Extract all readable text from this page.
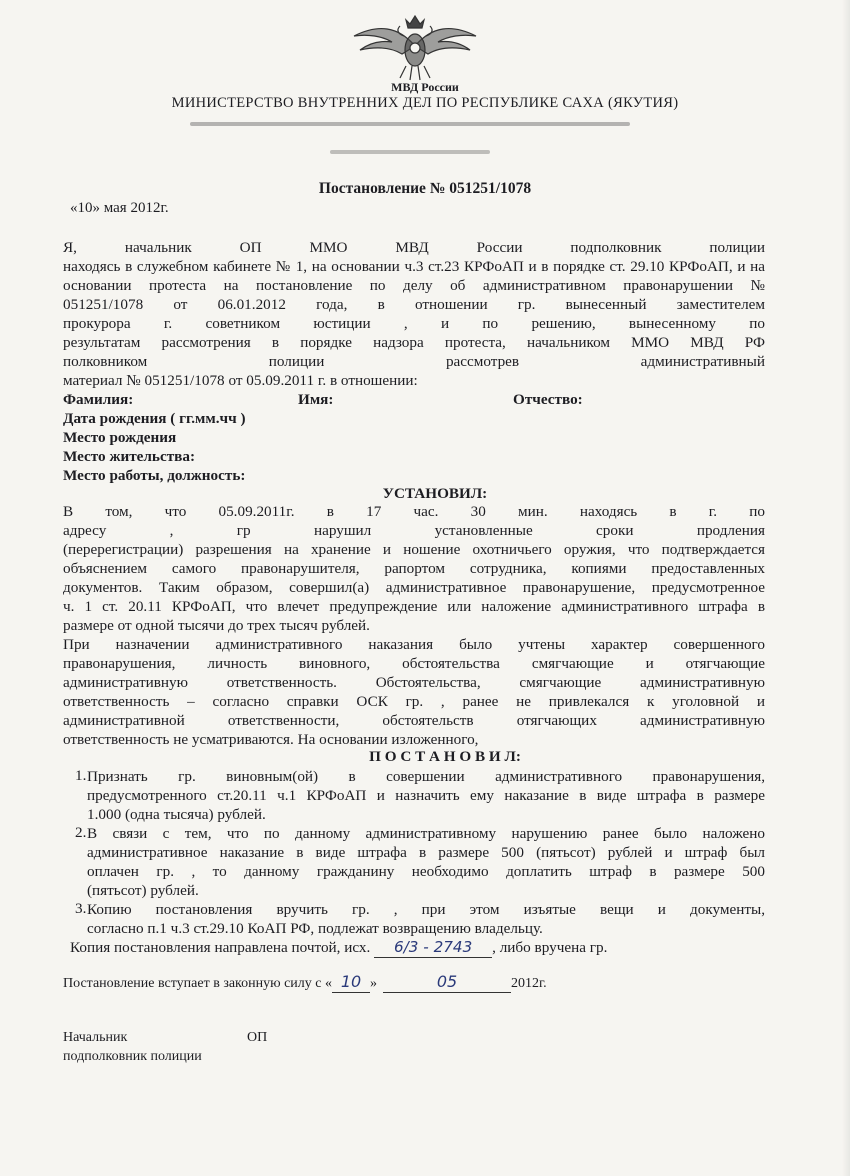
МВД России
МИНИСТЕРСТВО ВНУТРЕННИХ ДЕЛ ПО РЕСПУБЛИКЕ САХА (ЯКУТИЯ)
Постановление № 051251/1078
«10» мая 2012г.
Я, начальник ОП ММО МВД России подполковник полиции
находясь в служебном кабинете № 1, на основании ч.3 ст.23 КРФоАП и в порядке ст. 29.10 КРФоАП, и на
основании протеста на постановление по делу об административном правонарушении №
051251/1078 от 06.01.2012 года, в отношении гр. вынесенный заместителем
прокурора г. советником юстиции , и по решению, вынесенному по
результатам рассмотрения в порядке надзора протеста, начальником ММО МВД РФ
полковником полиции рассмотрев административный
материал № 051251/1078 от 05.09.2011 г. в отношении:
Фамилия:	Имя:	Отчество:
Дата рождения ( гг.мм.чч )
Место рождения
Место жительства:
Место работы, должность:
УСТАНОВИЛ:
В том, что 05.09.2011г. в 17 час. 30 мин. находясь в г. по
адресу , гр нарушил установленные сроки продления
(перерегистрации) разрешения на хранение и ношение охотничьего оружия, что подтверждается
объяснением самого правонарушителя, рапортом сотрудника, копиями предоставленных
документов. Таким образом, совершил(а) административное правонарушение, предусмотренное
ч. 1 ст. 20.11 КРФоАП, что влечет предупреждение или наложение административного штрафа в
размере от одной тысячи до трех тысяч рублей.
При назначении административного наказания было учтены характер совершенного
правонарушения, личность виновного, обстоятельства смягчающие и отягчающие
административную ответственность. Обстоятельства, смягчающие административную
ответственность – согласно справки ОСК гр. , ранее не привлекался к уголовной и
административной ответственности, обстоятельств отягчающих административную
ответственность не усматриваются. На основании изложенного,
П О С Т А Н О В И Л:
1. Признать гр. виновным(ой) в совершении административного правонарушения,
предусмотренного ст.20.11 ч.1 КРФоАП и назначить ему наказание в виде штрафа в размере
1.000 (одна тысяча) рублей.
2. В связи с тем, что по данному административному нарушению ранее было наложено
административное наказание в виде штрафа в размере 500 (пятьсот) рублей и штраф был
оплачен гр. , то данному гражданину необходимо доплатить штраф в размере 500
(пятьсот) рублей.
3. Копию постановления вручить гр. , при этом изъятые вещи и документы,
согласно п.1 ч.3 ст.29.10 КоАП РФ, подлежат возвращению владельцу.
Копия постановления направлена почтой, исх. 6/3 - 2743 , либо вручена гр.
Постановление вступает в законную силу с « 10 »	05	2012г.
Начальник	ОП
подполковник полиции
